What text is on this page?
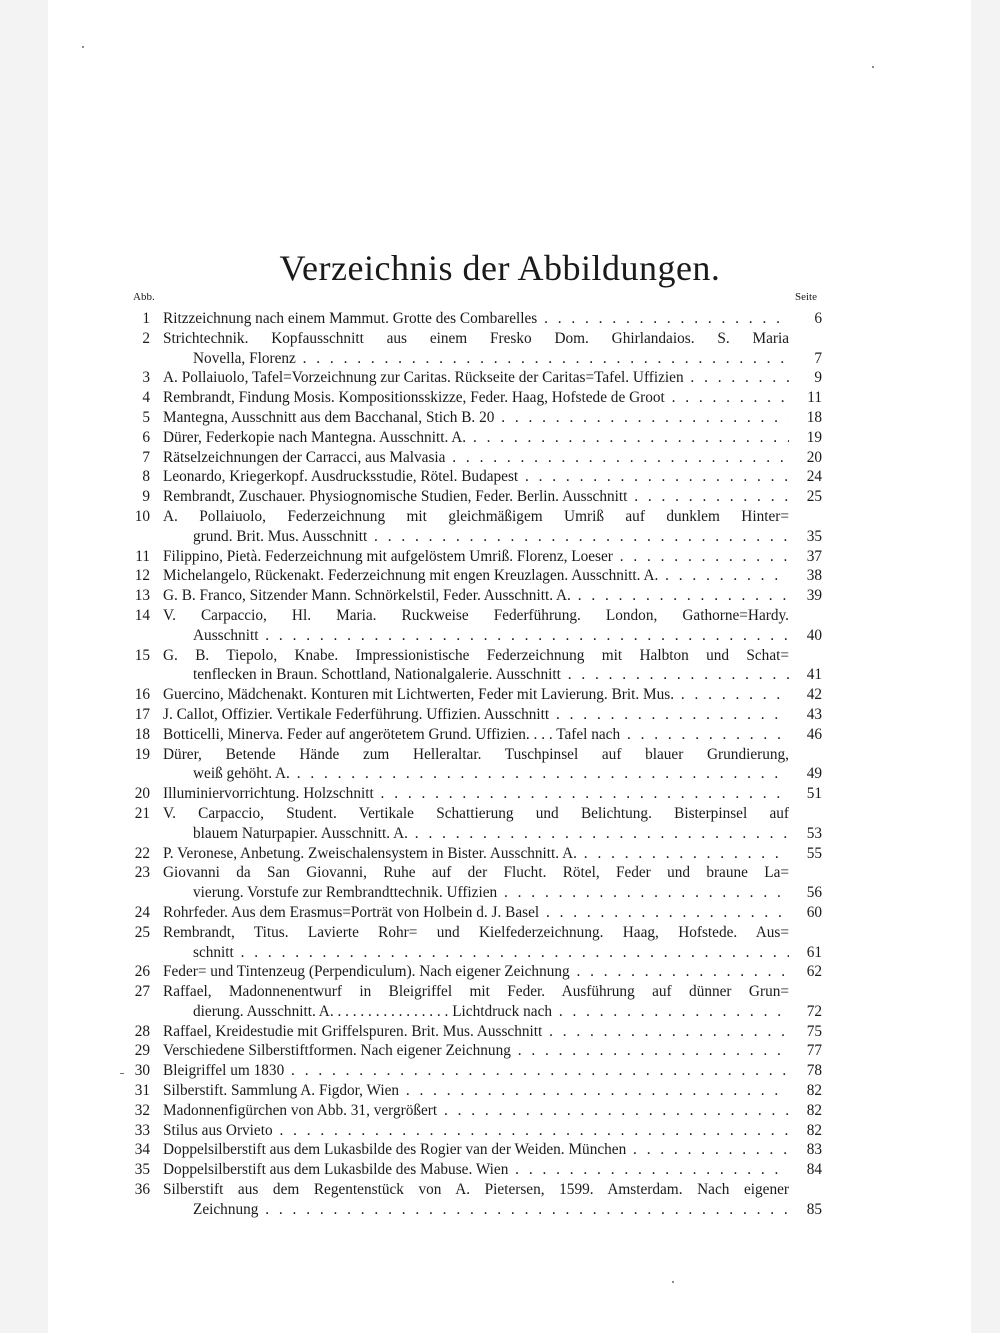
Verzeichnis der Abbildungen.
Abb.	Seite
1 Ritzzeichnung nach einem Mammut. Grotte des Combarelles . . .	6
2 Strichtechnik. Kopfausschnitt aus einem Fresko Dom. Ghirlandaios. S. Maria
Novella, Florenz . . .	7
3 A. Pollaiuolo, Tafel=Vorzeichnung zur Caritas. Rückseite der Caritas=Tafel. Uffizien . . .	9
4 Rembrandt, Findung Mosis. Kompositionsskizze, Feder. Haag, Hofstede de Groot . . .	11
5 Mantegna, Ausschnitt aus dem Bacchanal, Stich B. 20 . . .	18
6 Dürer, Federkopie nach Mantegna. Ausschnitt. A. . . .	19
7 Rätselzeichnungen der Carracci, aus Malvasia . . .	20
8 Leonardo, Kriegerkopf. Ausdrucksstudie, Rötel. Budapest . . .	24
9 Rembrandt, Zuschauer. Physiognomische Studien, Feder. Berlin. Ausschnitt . . .	25
10 A. Pollaiuolo, Federzeichnung mit gleichmäßigem Umriß auf dunklem Hinter=
grund. Brit. Mus. Ausschnitt . . .	35
11 Filippino, Pietà. Federzeichnung mit aufgelöstem Umriß. Florenz, Loeser . . .	37
12 Michelangelo, Rückenakt. Federzeichnung mit engen Kreuzlagen. Ausschnitt. A. . . .	38
13 G. B. Franco, Sitzender Mann. Schnörkelstil, Feder. Ausschnitt. A. . . .	39
14 V. Carpaccio, Hl. Maria. Ruckweise Federführung. London, Gathorne=Hardy.
Ausschnitt . . .	40
15 G. B. Tiepolo, Knabe. Impressionistische Federzeichnung mit Halbton und Schat=
tenflecken in Braun. Schottland, Nationalgalerie. Ausschnitt . . .	41
16 Guercino, Mädchenakt. Konturen mit Lichtwerten, Feder mit Lavierung. Brit. Mus. . . .	42
17 J. Callot, Offizier. Vertikale Federführung. Uffizien. Ausschnitt . . .	43
18 Botticelli, Minerva. Feder auf angerötetem Grund. Uffizien. . . . Tafel nach . . .	46
19 Dürer, Betende Hände zum Helleraltar. Tuschpinsel auf blauer Grundierung,
weiß gehöht. A. . . .	49
20 Illuminiervorrichtung. Holzschnitt . . .	51
21 V. Carpaccio, Student. Vertikale Schattierung und Belichtung. Bisterpinsel auf
blauem Naturpapier. Ausschnitt. A. . . .	53
22 P. Veronese, Anbetung. Zweischalensystem in Bister. Ausschnitt. A. . . .	55
23 Giovanni da San Giovanni, Ruhe auf der Flucht. Rötel, Feder und braune La=
vierung. Vorstufe zur Rembrandttechnik. Uffizien . . .	56
24 Rohrfeder. Aus dem Erasmus=Porträt von Holbein d. J. Basel . . .	60
25 Rembrandt, Titus. Lavierte Rohr= und Kielfederzeichnung. Haag, Hofstede. Aus=
schnitt . . .	61
26 Feder= und Tintenzeug (Perpendiculum). Nach eigener Zeichnung . . .	62
27 Raffael, Madonnenentwurf in Bleigriffel mit Feder. Ausführung auf dünner Grun=
dierung. Ausschnitt. A. . . . . . . . . . . . . . . . Lichtdruck nach . . .	72
28 Raffael, Kreidestudie mit Griffelspuren. Brit. Mus. Ausschnitt . . .	75
29 Verschiedene Silberstiftformen. Nach eigener Zeichnung . . .	77
30 Bleigriffel um 1830 . . .	78
31 Silberstift. Sammlung A. Figdor, Wien . . .	82
32 Madonnenfigürchen von Abb. 31, vergrößert . . .	82
33 Stilus aus Orvieto . . .	82
34 Doppelsilberstift aus dem Lukasbilde des Rogier van der Weiden. München . . .	83
35 Doppelsilberstift aus dem Lukasbilde des Mabuse. Wien . . .	84
36 Silberstift aus dem Regentenstück von A. Pietersen, 1599. Amsterdam. Nach eigener
Zeichnung . . .	85
